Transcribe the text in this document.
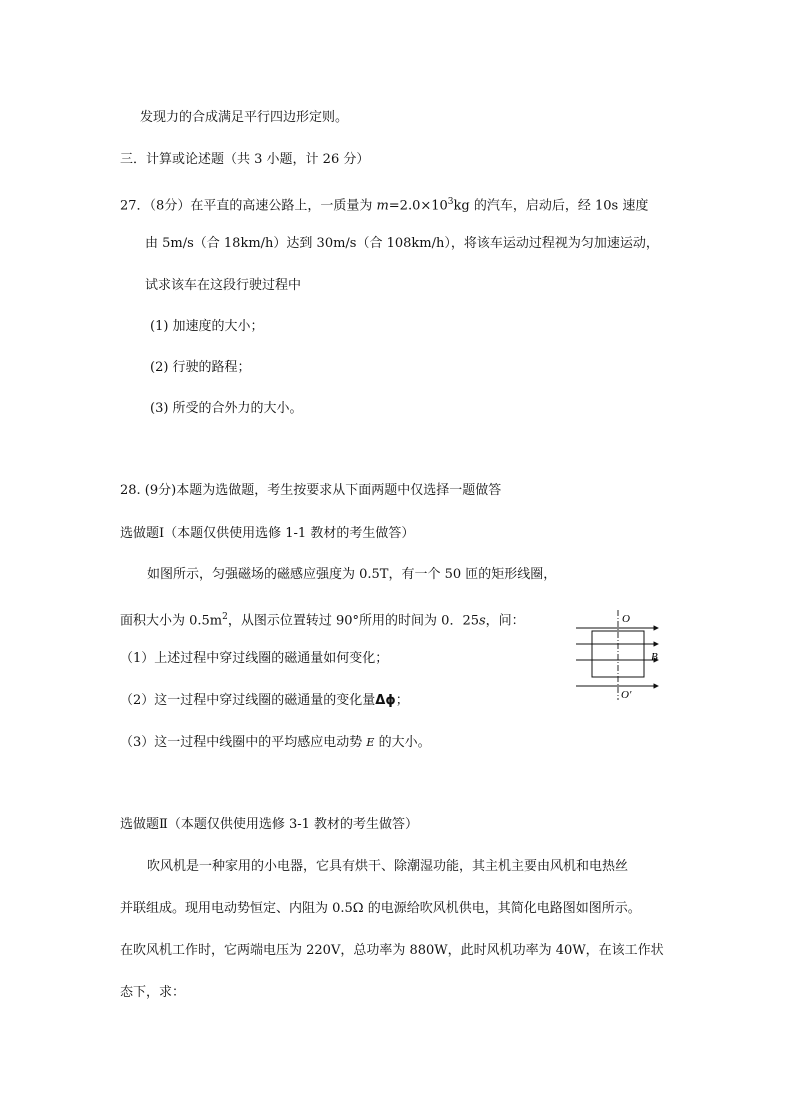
发现力的合成满足平行四边形定则。
三．计算或论述题（共 3 小题，计 26 分）
27．（8分）在平直的高速公路上，一质量为 $m=2.0\times 10^3kg$ 的汽车，启动后，经 10s 速度
由 5m/s（合 18km/h）达到 30m/s（合 108km/h），将该车运动过程视为匀加速运动，
试求该车在这段行驶过程中
(1) 加速度的大小；
(2) 行驶的路程；
(3) 所受的合外力的大小。
28. (9分)本题为选做题，考生按要求从下面两题中仅选择一题做答
选做题Ⅰ（本题仅供使用选修 1-1 教材的考生做答）
如图所示，匀强磁场的磁感应强度为 0.5T，有一个 50 匝的矩形线圈，
面积大小为 $0.5m^2$，从图示位置转过 90°所用的时间为 0．25s，问：
（1）上述过程中穿过线圈的磁通量如何变化；
（2）这一过程中穿过线圈的磁通量的变化量Δϕ；
（3）这一过程中线圈中的平均感应电动势 E 的大小。
O
O′
B
选做题Ⅱ（本题仅供使用选修 3-1 教材的考生做答）
吹风机是一种家用的小电器，它具有烘干、除潮湿功能，其主机主要由风机和电热丝
并联组成。现用电动势恒定、内阻为 0.5Ω 的电源给吹风机供电，其简化电路图如图所示。
在吹风机工作时，它两端电压为 220V，总功率为 880W，此时风机功率为 40W，在该工作状
态下，求：
